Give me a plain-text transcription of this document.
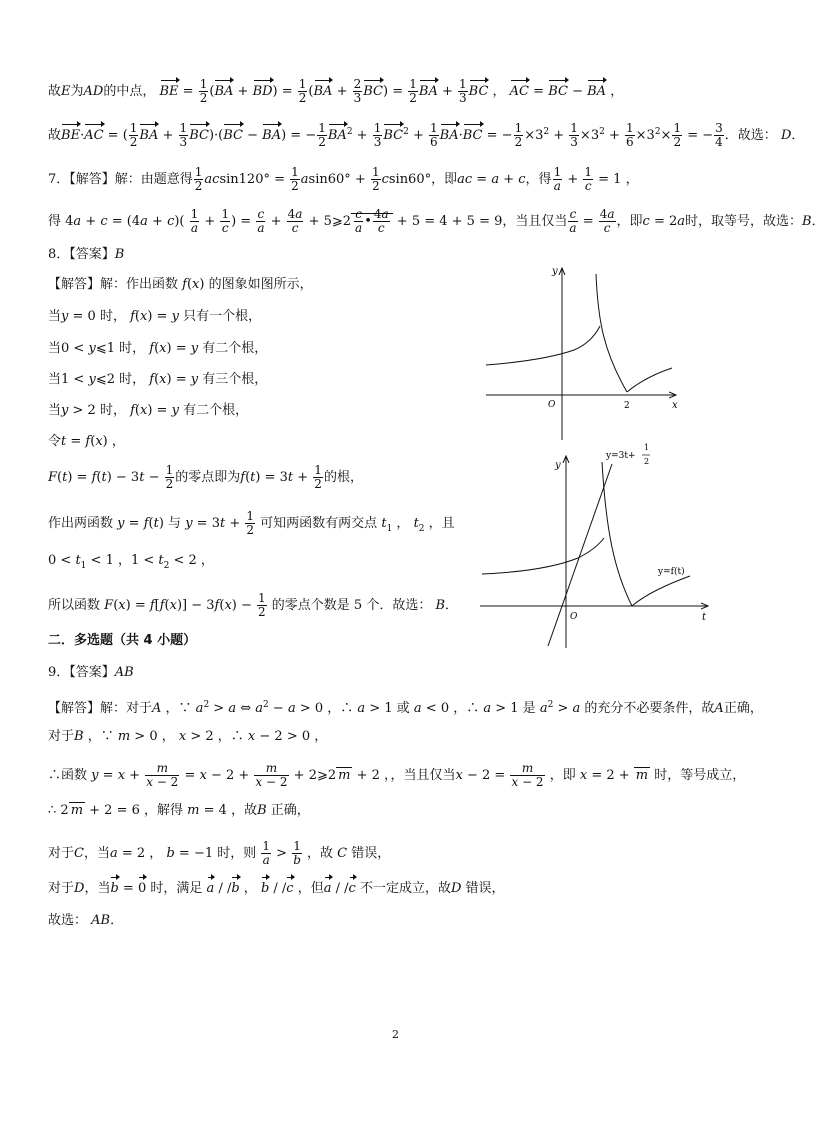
故E为AD的中点， BE = $\frac{1}{2} (BA + BD) = \frac{1}{2} (BA + \frac{2}{3} BC) = \frac{1}{2}$ BA + $\frac{1}{3}$ BC ， AC = BC − BA ，
故BE·AC = ( $\frac{1}{2}$ BA + $\frac{1}{3} BC)\cdot(BC - BA)$ = − $\frac{1}{2} BA^2 + \frac{1}{3} BC^2 + \frac{1}{6} BA\cdot BC$ = − $\frac{1}{2} \times 3^2 + \frac{1}{3} \times 3^2 + \frac{1}{6} \times 3^2\times \frac{1}{2}$ = − $\frac{3}{4}$ ．故选： D．
7．【解答】解：由题意得 $\frac{1}{2} acsin120^\circ = \frac{1}{2} asin60^\circ + \frac{1}{2} csin60^\circ$，即ac = a + c，得 $\frac{1}{a} + \frac{1}{c} = 1$ ，
得 $4a + c = (4a + c)( \frac{1}{a} + \frac{1}{c}$ ) = $\frac{c}{a} + \frac{4a}{c}$ + 5⩾2 $\frac{c}{a}$ • $\frac{4a}{c} + 5 = 4 + 5 = 9$，当且仅当 $\frac{c}{a} = \frac{4a}{c}$ ，即c = 2a时，取等号，故选：B．
8．【答案】B
【解答】解：作出函数 f(x) 的图象如图所示，
当y = 0 时， f(x) = y 只有一个根，
当0 < y⩽1 时， f(x) = y 有二个根，
当1 < y⩽2 时， f(x) = y 有三个根，
当y > 2 时， f(x) = y 有二个根，
令t = f(x) ，
$F(t) = f(t) - 3t - \frac{1}{2}$ 的零点即为$f(t) = 3t + \frac{1}{2}$ 的根，
作出两函数 y = f(t) 与 $y = 3t + \frac{1}{2}$ 可知两函数有两交点 $t_1$ ， $t_2$ ，且
$0 < t_1 < 1$ ，$1 < t_2 < 2$ ，
所以函数 $F(x) = f[f(x)] - 3f(x) - \frac{1}{2}$ 的零点个数是 5 个．故选： B．
二．多选题（共 4 小题）
9．【答案】AB
【解答】解：对于A ，∵ $a^2 > a$ ⇔ $a^2 - a > 0$ ，∴ a > 1 或 a < 0 ，∴ a > 1 是 $a^2 > a$ 的充分不必要条件，故A正确，
对于B ，∵ m > 0 ， x > 2 ，∴ x − 2 > 0 ，
∴函数 $y = x + \frac{m}{x - 2} = x - 2 + \frac{m}{x - 2}$ + 2⩾2 m + 2 ，，当且仅当$x - 2 = \frac{m}{x - 2}$ ，即 x = 2 + m 时，等号成立，
∴ 2 m + 2 = 6 ，解得 m = 4 ，故B 正确，
对于C，当a = 2 ， b = −1 时，则 $\frac{1}{a} > \frac{1}{b}$ ，故 C 错误，
对于D，当b = 0 时，满足 a / /b ， b / /c ，但a / /c 不一定成立，故D 错误，
故选： AB．
y
x
O	2
y
t
O
y=3t+
1
2
y=f(t)
2
